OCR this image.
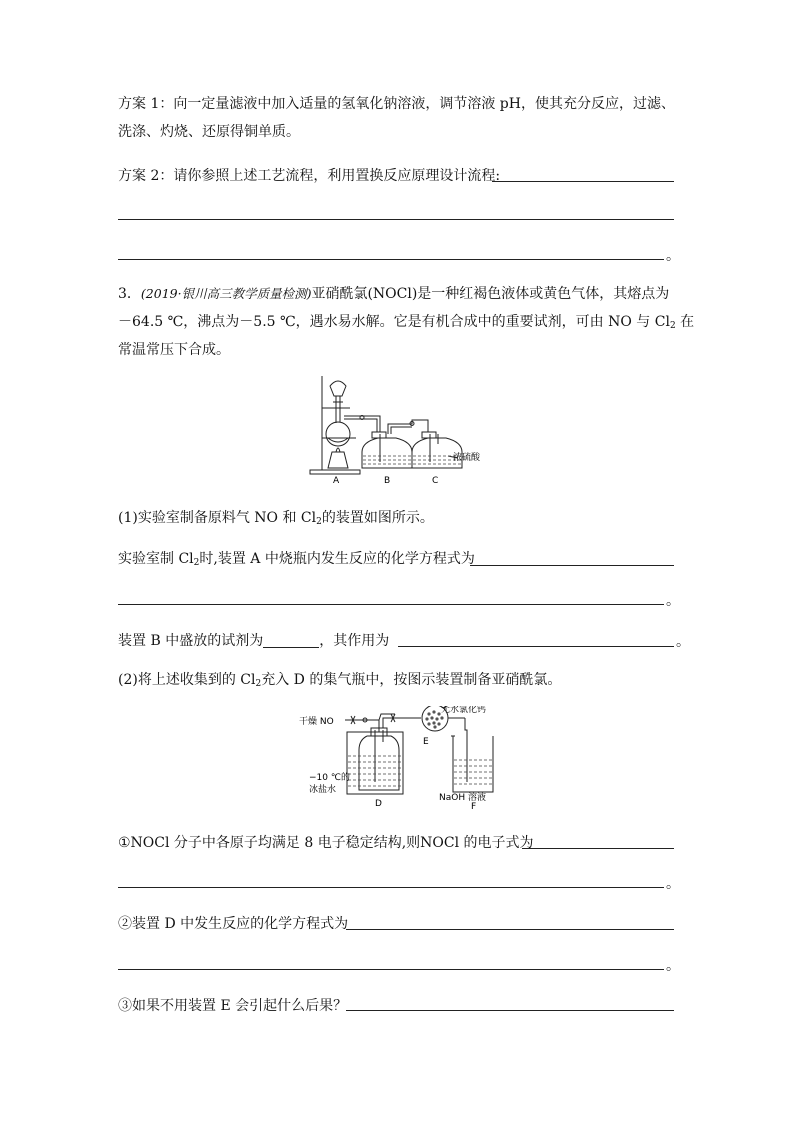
方案 1：向一定量滤液中加入适量的氢氧化钠溶液，调节溶液 pH，使其充分反应，过滤、
洗涤、灼烧、还原得铜单质。
方案 2：请你参照上述工艺流程，利用置换反应原理设计流程:
。
3．(2019·银川高三教学质量检测)亚硝酰氯(NOCl)是一种红褐色液体或黄色气体，其熔点为
－64.5 ℃，沸点为－5.5 ℃，遇水易水解。它是有机合成中的重要试剂，可由 NO 与 $Cl_2$ 在
常温常压下合成。
A	B	C
浓硫酸
(1)实验室制备原料气 NO 和 $Cl_2$的装置如图所示。
实验室制 $Cl_2$时,装置 A 中烧瓶内发生反应的化学方程式为
。
装置 B 中盛放的试剂为	，其作用为	。
(2)将上述收集到的 $Cl_2$充入 D 的集气瓶中，按图示装置制备亚硝酰氯。
干燥 NO
无水氯化钙
E
−10 ℃的
冰盐水
D
NaOH 溶液
F
①NOCl 分子中各原子均满足 8 电子稳定结构,则NOCl 的电子式为
。
②装置 D 中发生反应的化学方程式为
。
③如果不用装置 E 会引起什么后果？
